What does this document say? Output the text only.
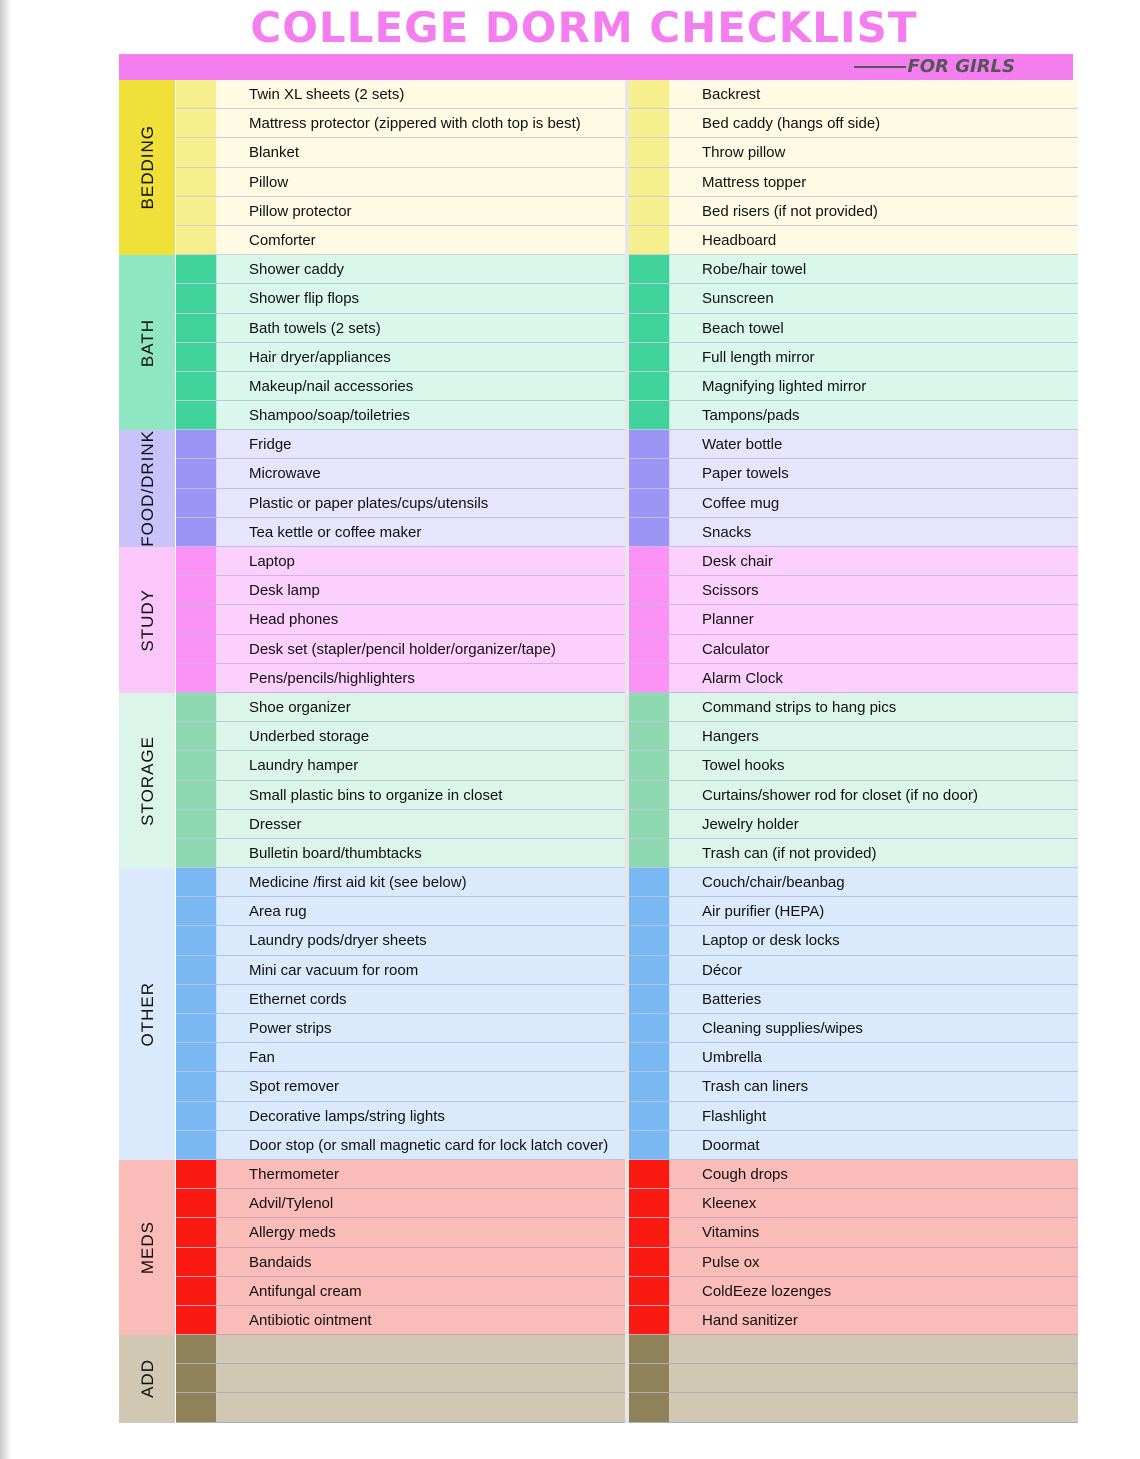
COLLEGE DORM CHECKLIST
FOR GIRLS
BEDDING
Twin XL sheets (2 sets)
Mattress protector (zippered with cloth top is best)
Blanket
Pillow
Pillow protector
Comforter
Backrest
Bed caddy (hangs off side)
Throw pillow
Mattress topper
Bed risers (if not provided)
Headboard
BATH
Shower caddy
Shower flip flops
Bath towels (2 sets)
Hair dryer/appliances
Makeup/nail accessories
Shampoo/soap/toiletries
Robe/hair towel
Sunscreen
Beach towel
Full length mirror
Magnifying lighted mirror
Tampons/pads
FOOD/DRINK	Fridge
Microwave
Plastic or paper plates/cups/utensils
Tea kettle or coffee maker
Water bottle
Paper towels
Coffee mug
Snacks
STUDY
Laptop
Desk lamp
Head phones
Desk set (stapler/pencil holder/organizer/tape)
Pens/pencils/highlighters
Desk chair
Scissors
Planner
Calculator
Alarm Clock
STORAGE
Shoe organizer
Underbed storage
Laundry hamper
Small plastic bins to organize in closet
Dresser
Bulletin board/thumbtacks
Command strips to hang pics
Hangers
Towel hooks
Curtains/shower rod for closet (if no door)
Jewelry holder
Trash can (if not provided)
OTHER
Medicine /first aid kit (see below)
Area rug
Laundry pods/dryer sheets
Mini car vacuum for room
Ethernet cords
Power strips
Fan
Spot remover
Decorative lamps/string lights
Door stop (or small magnetic card for lock latch cover)
Couch/chair/beanbag
Air purifier (HEPA)
Laptop or desk locks
Décor
Batteries
Cleaning supplies/wipes
Umbrella
Trash can liners
Flashlight
Doormat
MEDS
Thermometer
Advil/Tylenol
Allergy meds
Bandaids
Antifungal cream
Antibiotic ointment
Cough drops
Kleenex
Vitamins
Pulse ox
ColdEeze lozenges
Hand sanitizer
ADD
